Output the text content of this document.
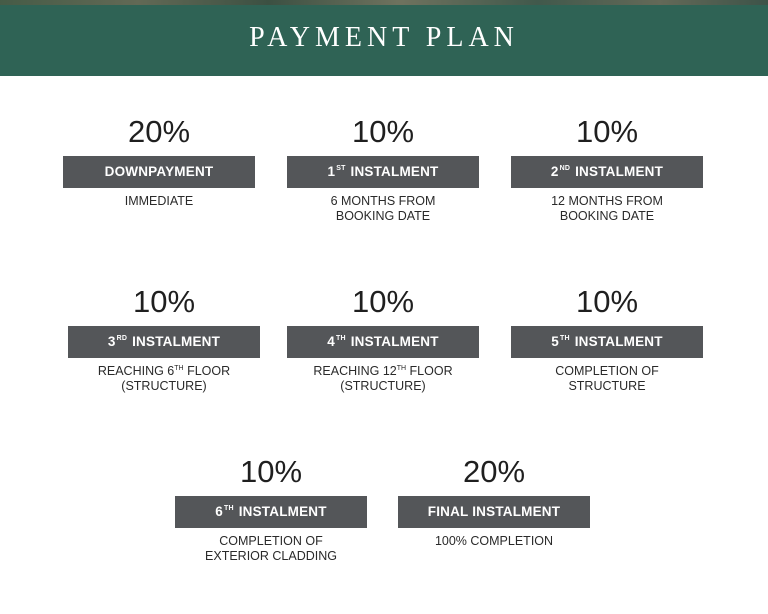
PAYMENT PLAN
20%
DOWNPAYMENT
IMMEDIATE
10%
1ST INSTALMENT
6 MONTHS FROM
BOOKING DATE
10%
2ND INSTALMENT
12 MONTHS FROM
BOOKING DATE
10%
3RD INSTALMENT
REACHING 6TH FLOOR
(STRUCTURE)
10%
4TH INSTALMENT
REACHING 12TH FLOOR
(STRUCTURE)
10%
5TH INSTALMENT
COMPLETION OF
STRUCTURE
10%
6TH INSTALMENT
COMPLETION OF
EXTERIOR CLADDING
20%
FINAL INSTALMENT
100% COMPLETION
